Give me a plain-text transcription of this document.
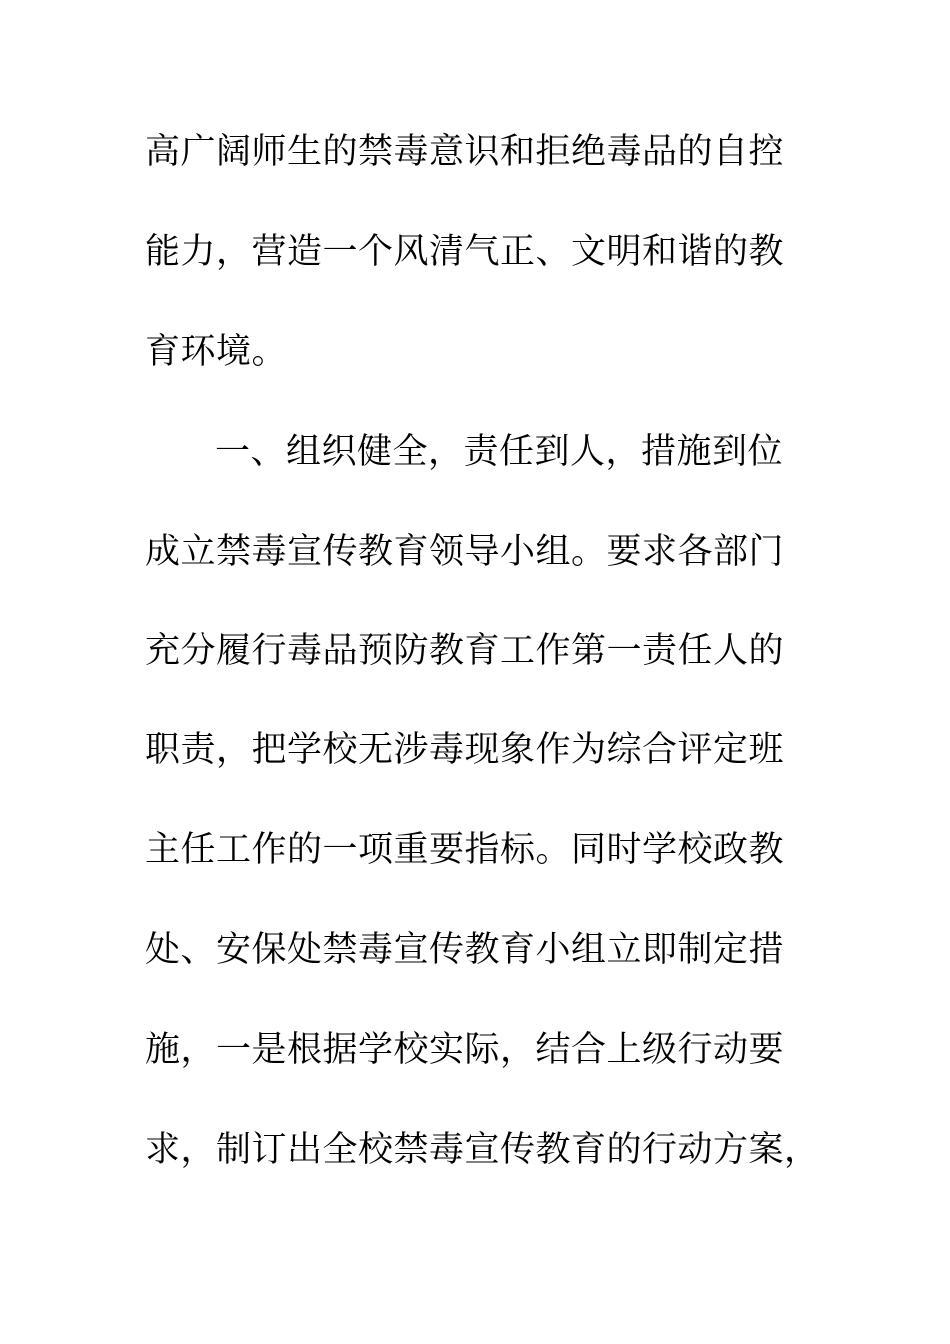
高广阔师生的禁毒意识和拒绝毒品的自控
能力，营造一个风清气正、文明和谐的教
育环境。
一、组织健全，责任到人，措施到位
成立禁毒宣传教育领导小组。要求各部门
充分履行毒品预防教育工作第一责任人的
职责，把学校无涉毒现象作为综合评定班
主任工作的一项重要指标。同时学校政教
处、安保处禁毒宣传教育小组立即制定措
施，一是根据学校实际，结合上级行动要
求，制订出全校禁毒宣传教育的行动方案，
